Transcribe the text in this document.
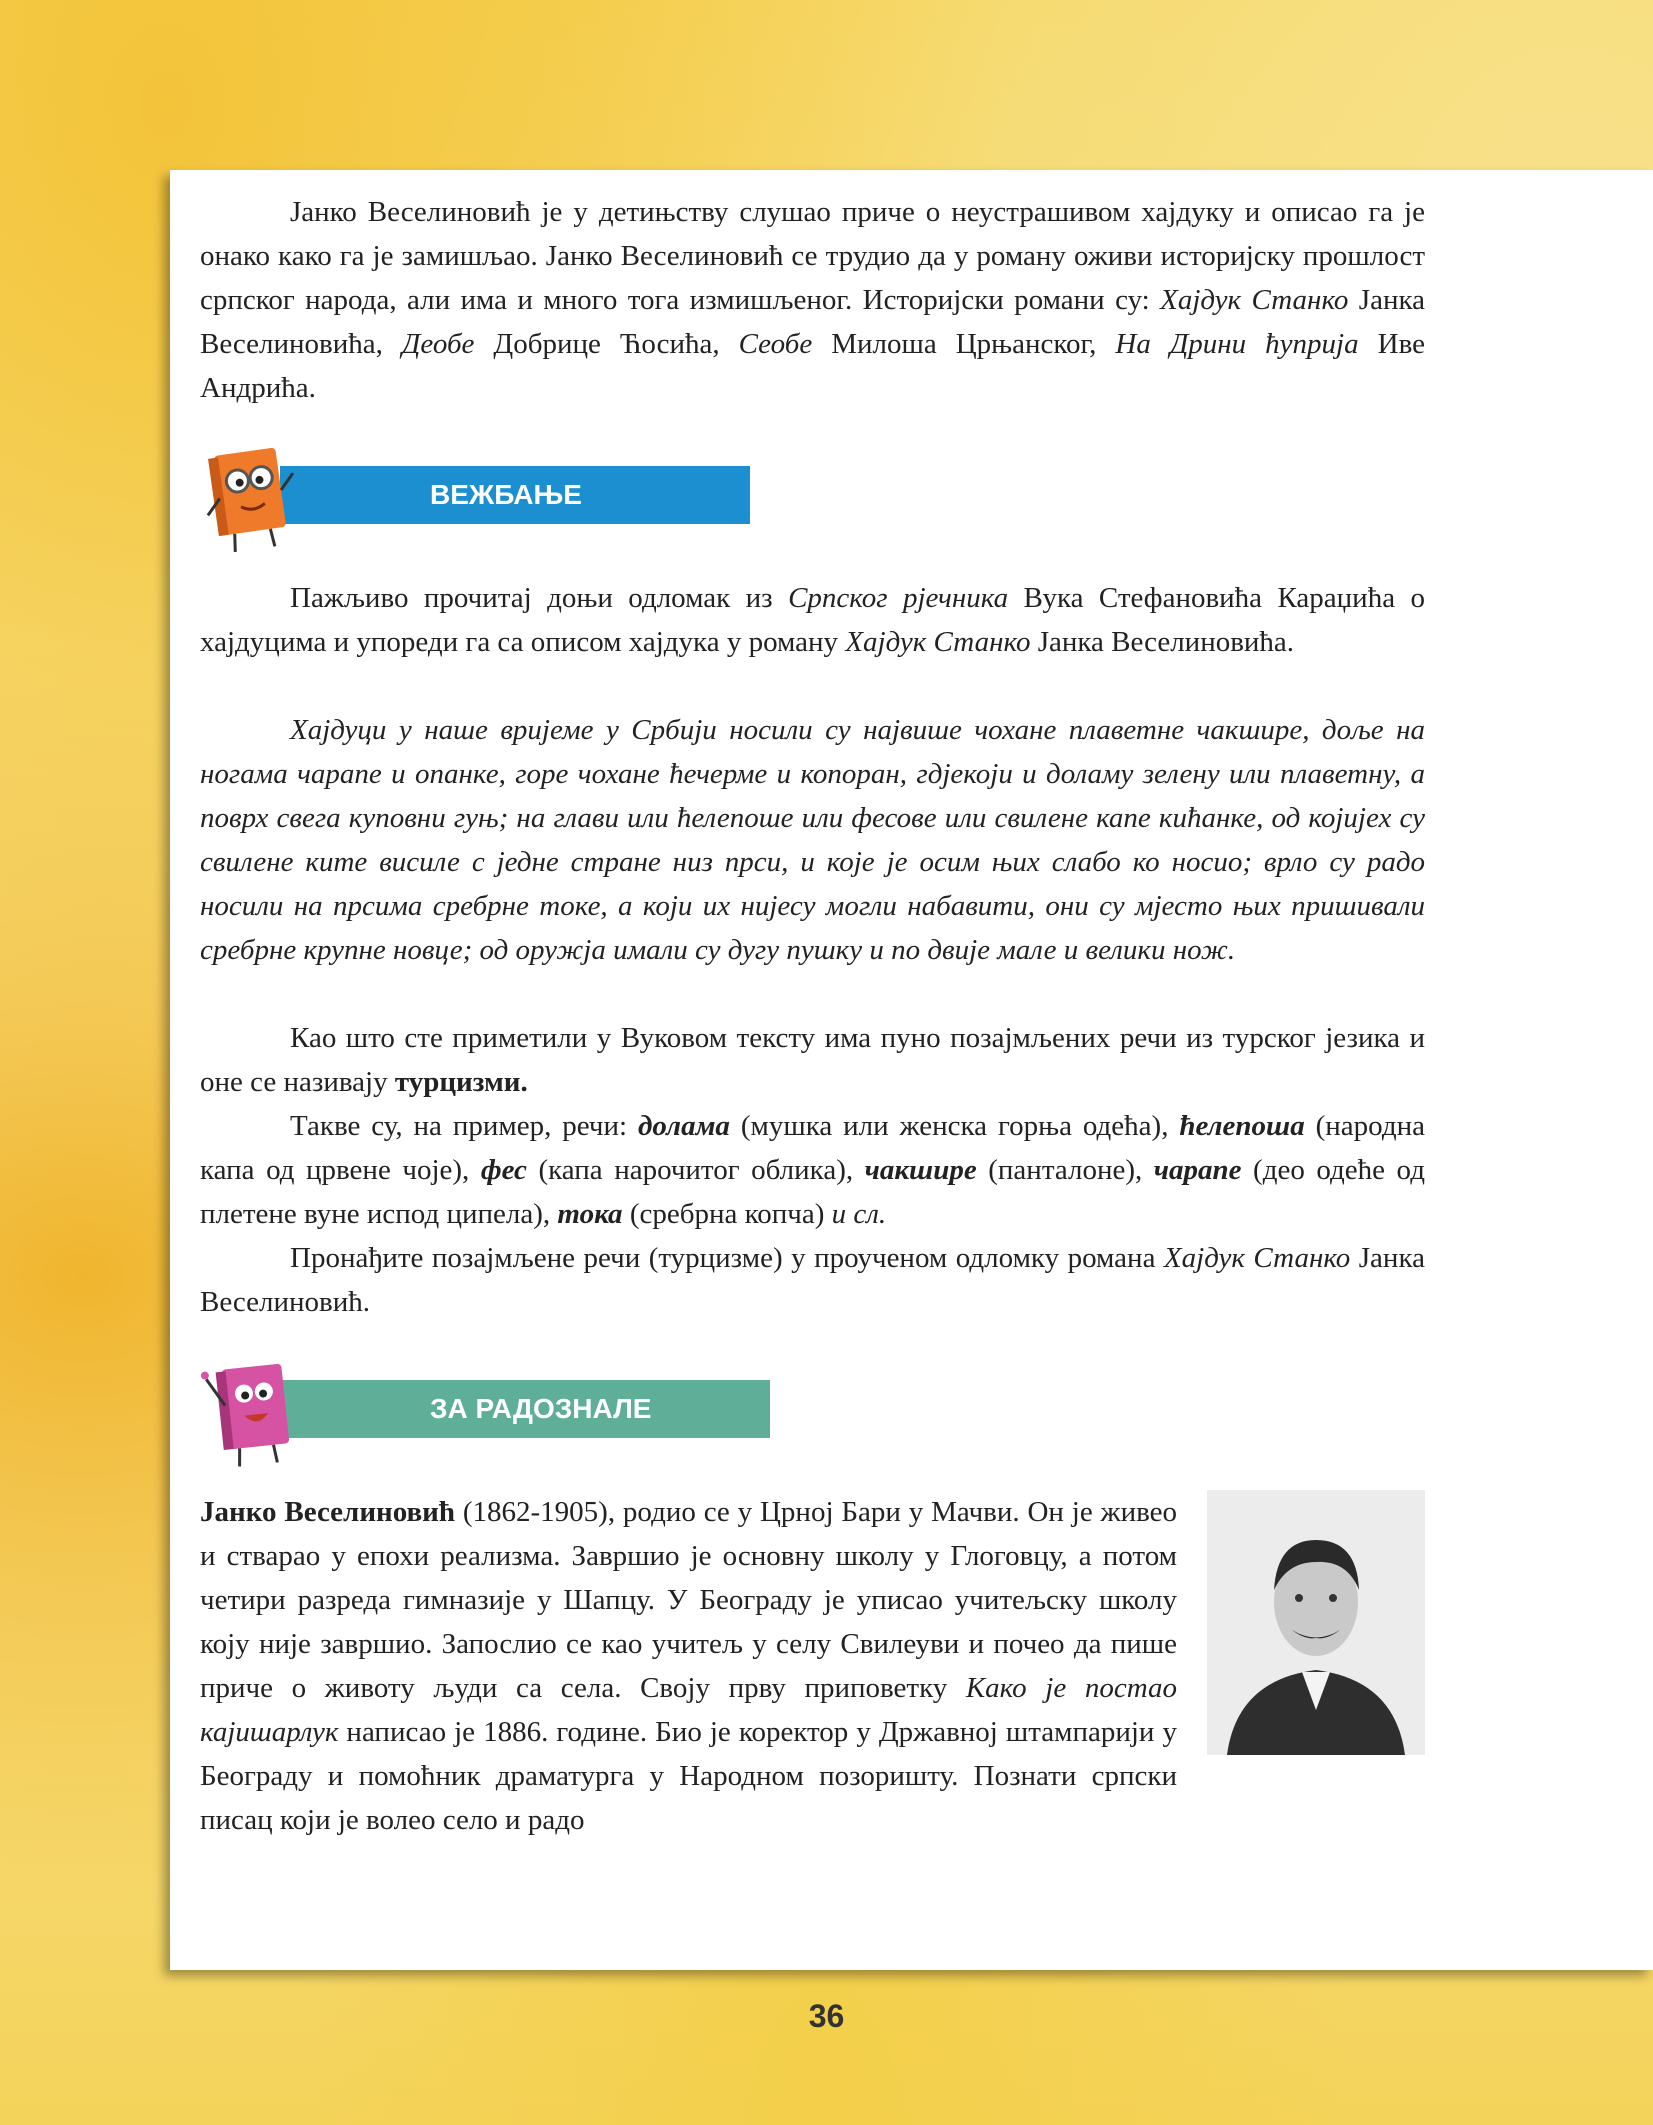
Јанко Веселиновић је у детињству слушао приче о неустрашивом хајдуку и описао га је онако како га је замишљао. Јанко Веселиновић се трудио да у роману оживи историјску прошлост српског народа, али има и много тога измишљеног. Историјски романи су: Хајдук Станко Јанка Веселиновића, Деобе Добрице Ћосића, Сеобе Милоша Црњанског, На Дрини ћуприја Иве Андрића.

ВЕЖБАЊЕ

Пажљиво прочитај доњи одломак из Српског рјечника Вука Стефановића Караџића о хајдуцима и упореди га са описом хајдука у роману Хајдук Станко Јанка Веселиновића.

Хајдуци у наше вријеме у Србији носили су највише чохане плаветне чакшире, доље на ногама чарапе и опанке, горе чохане ћечерме и копоран, гдјекоји и доламу зелену или плаветну, а поврх свега куповни гуњ; на глави или ћелепоше или фесове или свилене капе кићанке, од којијех су свилене ките висиле с једне стране низ прси, и које је осим њих слабо ко носио; врло су радо носили на прсима сребрне токе, а који их нијесу могли набавити, они су мјесто њих пришивали сребрне крупне новце; од оружја имали су дугу пушку и по двије мале и велики нож.

Као што сте приметили у Вуковом тексту има пуно позајмљених речи из турског језика и оне се називају турцизми.

Такве су, на пример, речи: долама (мушка или женска горња одећа), ћелепоша (народна капа од црвене чоје), фес (капа нарочитог облика), чакшире (панталоне), чарапе (део одеће од плетене вуне испод ципела), тока (сребрна копча) и сл.

Пронађите позајмљене речи (турцизме) у проученом одломку романа Хајдук Станко Јанка Веселиновић.

ЗА РАДОЗНАЛЕ

Јанко Веселиновић (1862-1905), родио се у Црној Бари у Мачви. Он је живео и стварао у епохи реализма. Завршио је основну школу у Глоговцу, а потом четири разреда гимназије у Шапцу. У Београду је уписао учитељску школу коју није завршио. Запослио се као учитељ у селу Свилеуви и почео да пише приче о животу људи са села. Своју прву приповетку Како је постао кајишарлук написао је 1886. године. Био је коректор у Државној штампарији у Београду и помоћник драматурга у Народном позоришту. Познати српски писац који је волео село и радо

36
